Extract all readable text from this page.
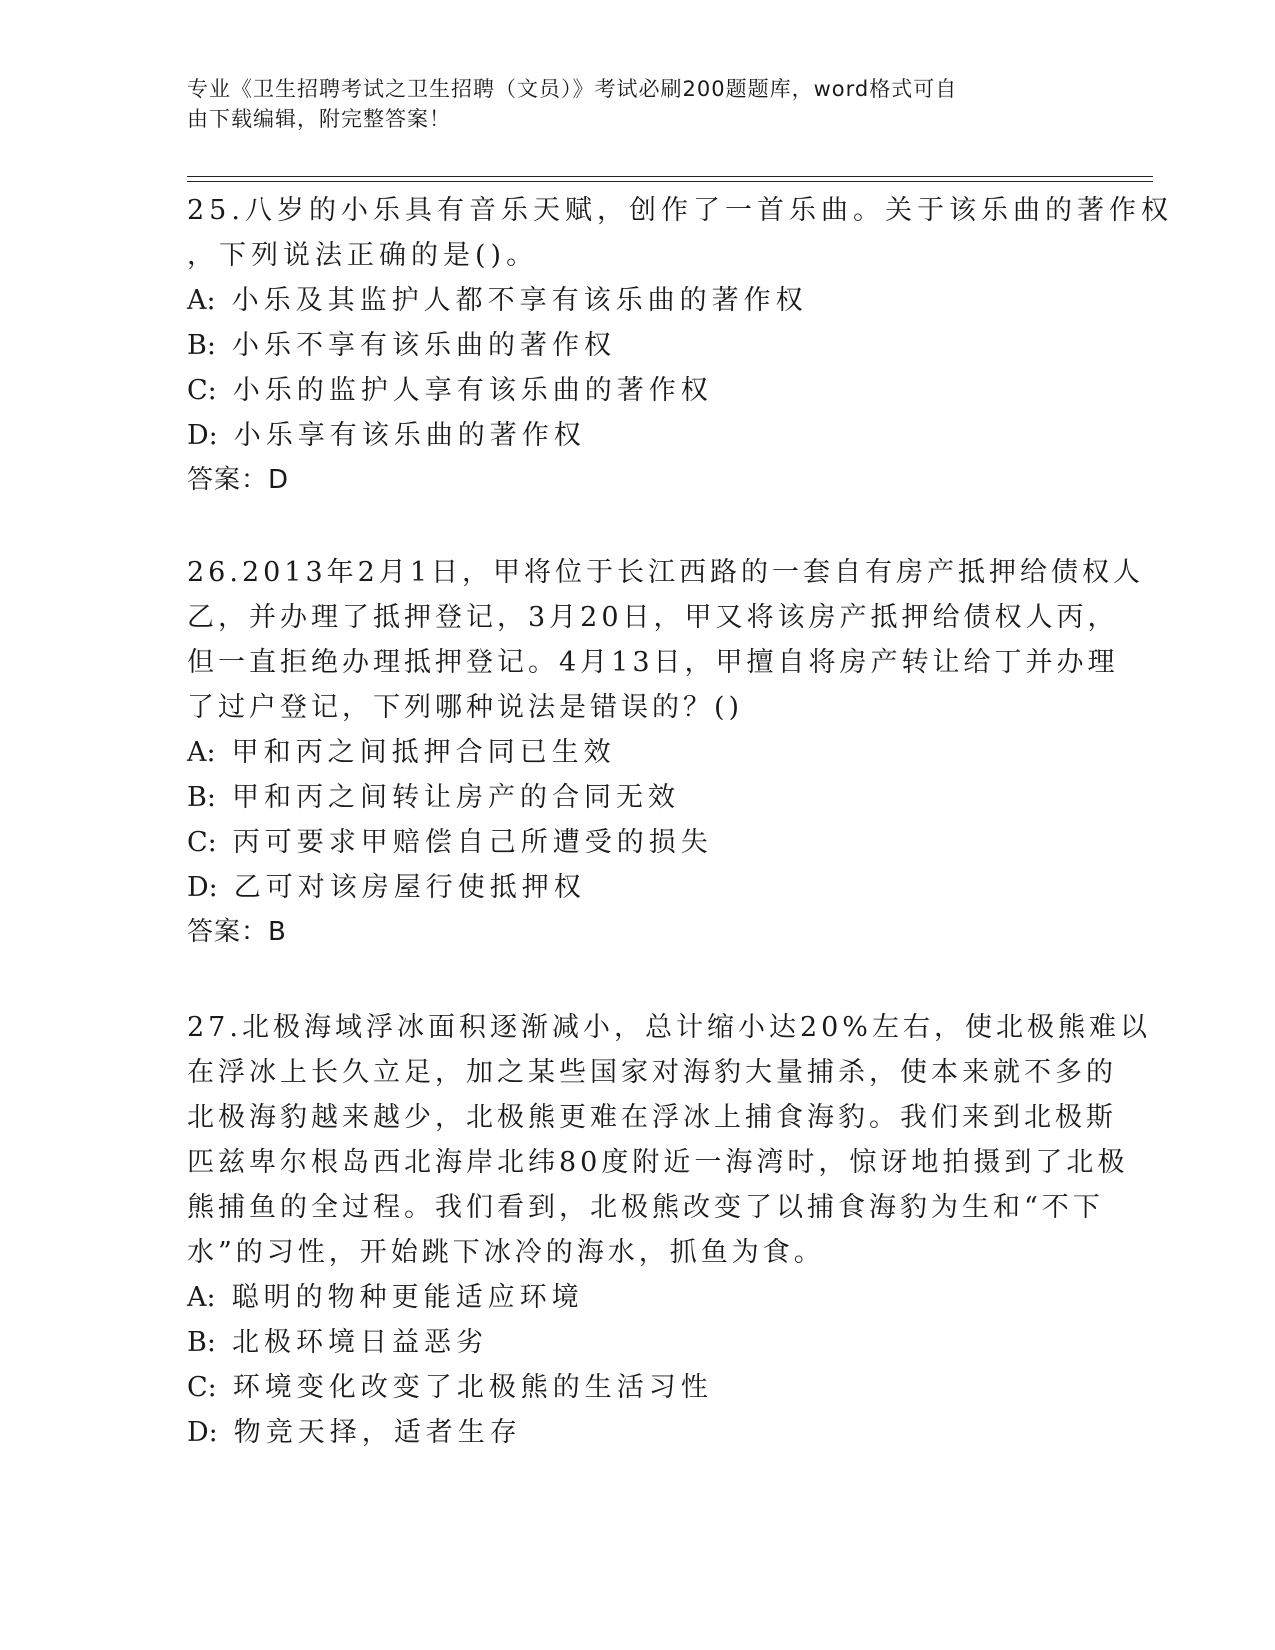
专业《卫生招聘考试之卫生招聘（文员）》考试必刷200题题库，word格式可自
由下载编辑，附完整答案！
25.八岁的小乐具有音乐天赋，创作了一首乐曲。关于该乐曲的著作权
，下列说法正确的是()。
A: 小乐及其监护人都不享有该乐曲的著作权
B: 小乐不享有该乐曲的著作权
C: 小乐的监护人享有该乐曲的著作权
D: 小乐享有该乐曲的著作权
答案：D
26.2013年2月1日，甲将位于长江西路的一套自有房产抵押给债权人
乙，并办理了抵押登记，3月20日，甲又将该房产抵押给债权人丙，
但一直拒绝办理抵押登记。4月13日，甲擅自将房产转让给丁并办理
了过户登记，下列哪种说法是错误的？()
A: 甲和丙之间抵押合同已生效
B: 甲和丙之间转让房产的合同无效
C: 丙可要求甲赔偿自己所遭受的损失
D: 乙可对该房屋行使抵押权
答案：B
27.北极海域浮冰面积逐渐减小，总计缩小达20%左右，使北极熊难以
在浮冰上长久立足，加之某些国家对海豹大量捕杀，使本来就不多的
北极海豹越来越少，北极熊更难在浮冰上捕食海豹。我们来到北极斯
匹兹卑尔根岛西北海岸北纬80度附近一海湾时，惊讶地拍摄到了北极
熊捕鱼的全过程。我们看到，北极熊改变了以捕食海豹为生和“不下
水”的习性，开始跳下冰冷的海水，抓鱼为食。
A: 聪明的物种更能适应环境
B: 北极环境日益恶劣
C: 环境变化改变了北极熊的生活习性
D: 物竞天择，适者生存
